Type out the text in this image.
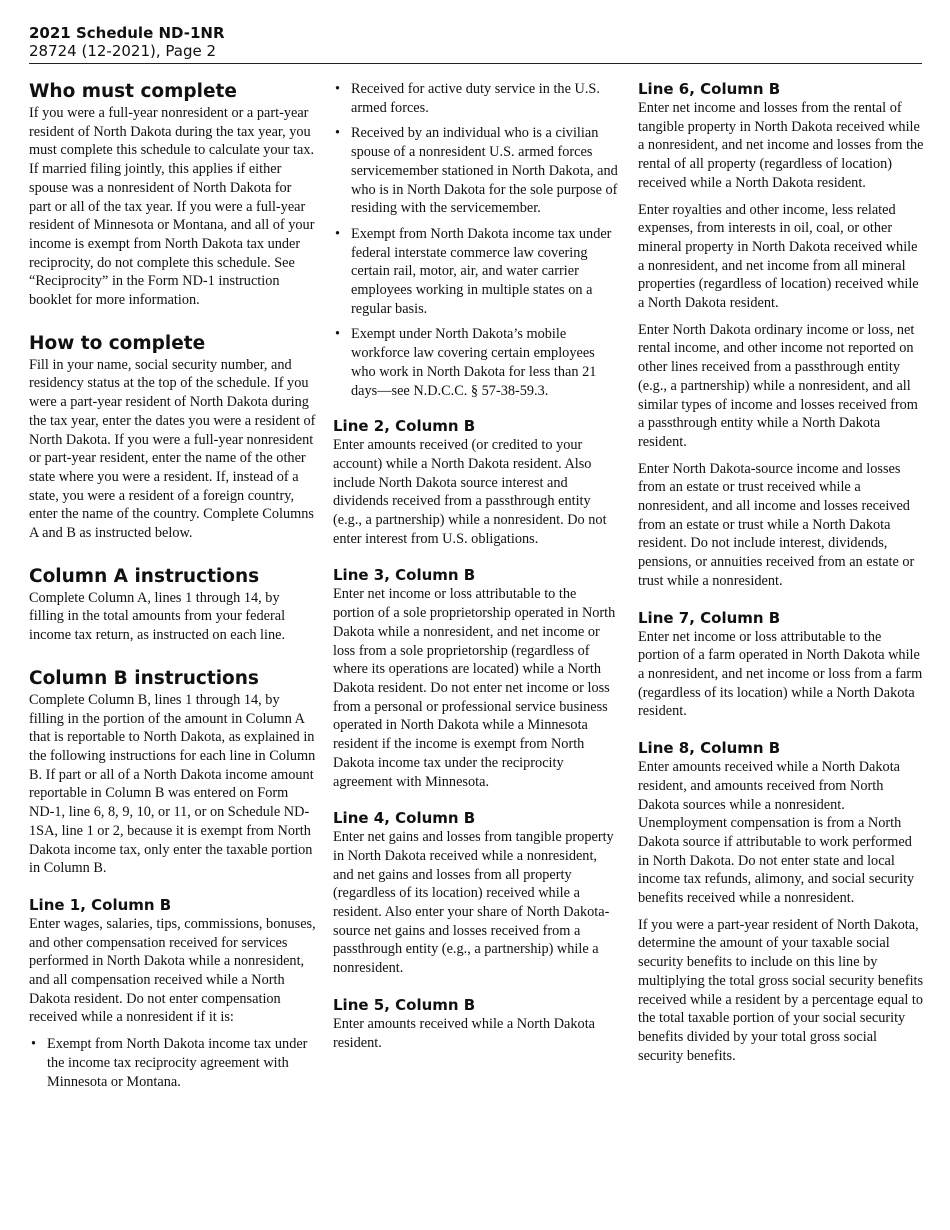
2021 Schedule ND-1NR
28724 (12-2021), Page 2
Who must complete

If you were a full-year nonresident or a part-year resident of North Dakota during the tax year, you must complete this schedule to calculate your tax. If married filing jointly, this applies if either spouse was a nonresident of North Dakota for part or all of the tax year. If you were a full-year resident of Minnesota or Montana, and all of your income is exempt from North Dakota tax under reciprocity, do not complete this schedule. See “Reciprocity” in the Form ND-1 instruction booklet for more information.

How to complete

Fill in your name, social security number, and residency status at the top of the schedule. If you were a part-year resident of North Dakota during the tax year, enter the dates you were a resident of North Dakota. If you were a full-year nonresident or part-year resident, enter the name of the other state where you were a resident. If, instead of a state, you were a resident of a foreign country, enter the name of the country. Complete Columns A and B as instructed below.

Column A instructions

Complete Column A, lines 1 through 14, by filling in the total amounts from your federal income tax return, as instructed on each line.

Column B instructions

Complete Column B, lines 1 through 14, by filling in the portion of the amount in Column A that is reportable to North Dakota, as explained in the following instructions for each line in Column B. If part or all of a North Dakota income amount reportable in Column B was entered on Form ND-1, line 6, 8, 9, 10, or 11, or on Schedule ND-1SA, line 1 or 2, because it is exempt from North Dakota income tax, only enter the taxable portion in Column B.

Line 1, Column B

Enter wages, salaries, tips, commissions, bonuses, and other compensation received for services performed in North Dakota while a nonresident, and all compensation received while a North Dakota resident. Do not enter compensation received while a nonresident if it is:

• Exempt from North Dakota income tax under the income tax reciprocity agreement with Minnesota or Montana.
• Received for active duty service in the U.S. armed forces.
• Received by an individual who is a civilian spouse of a nonresident U.S. armed forces servicemember stationed in North Dakota, and who is in North Dakota for the sole purpose of residing with the servicemember.
• Exempt from North Dakota income tax under federal interstate commerce law covering certain rail, motor, air, and water carrier employees working in multiple states on a regular basis.
• Exempt under North Dakota’s mobile workforce law covering certain employees who work in North Dakota for less than 21 days—see N.D.C.C. § 57-38-59.3.
Line 2, Column B

Enter amounts received (or credited to your account) while a North Dakota resident. Also include North Dakota source interest and dividends received from a passthrough entity (e.g., a partnership) while a nonresident. Do not enter interest from U.S. obligations.

Line 3, Column B

Enter net income or loss attributable to the portion of a sole proprietorship operated in North Dakota while a nonresident, and net income or loss from a sole proprietorship (regardless of where its operations are located) while a North Dakota resident. Do not enter net income or loss from a personal or professional service business operated in North Dakota while a Minnesota resident if the income is exempt from North Dakota income tax under the reciprocity agreement with Minnesota.

Line 4, Column B

Enter net gains and losses from tangible property in North Dakota received while a nonresident, and net gains and losses from all property (regardless of its location) received while a resident. Also enter your share of North Dakota-source net gains and losses received from a passthrough entity (e.g., a partnership) while a nonresident.

Line 5, Column B

Enter amounts received while a North Dakota resident.

Line 6, Column B

Enter net income and losses from the rental of tangible property in North Dakota received while a nonresident, and net income and losses from the rental of all property (regardless of location) received while a North Dakota resident.

Enter royalties and other income, less related expenses, from interests in oil, coal, or other mineral property in North Dakota received while a nonresident, and net income from all mineral properties (regardless of location) received while a North Dakota resident.

Enter North Dakota ordinary income or loss, net rental income, and other income not reported on other lines received from a passthrough entity (e.g., a partnership) while a nonresident, and all similar types of income and losses received from a passthrough entity while a North Dakota resident.

Enter North Dakota-source income and losses from an estate or trust received while a nonresident, and all income and losses received from an estate or trust while a North Dakota resident. Do not include interest, dividends, pensions, or annuities received from an estate or trust while a nonresident.

Line 7, Column B

Enter net income or loss attributable to the portion of a farm operated in North Dakota while a nonresident, and net income or loss from a farm (regardless of its location) while a North Dakota resident.

Line 8, Column B

Enter amounts received while a North Dakota resident, and amounts received from North Dakota sources while a nonresident. Unemployment compensation is from a North Dakota source if attributable to work performed in North Dakota. Do not enter state and local income tax refunds, alimony, and social security benefits received while a nonresident.

If you were a part-year resident of North Dakota, determine the amount of your taxable social security benefits to include on this line by multiplying the total gross social security benefits received while a resident by a percentage equal to the total taxable portion of your social security benefits divided by your total gross social security benefits.
